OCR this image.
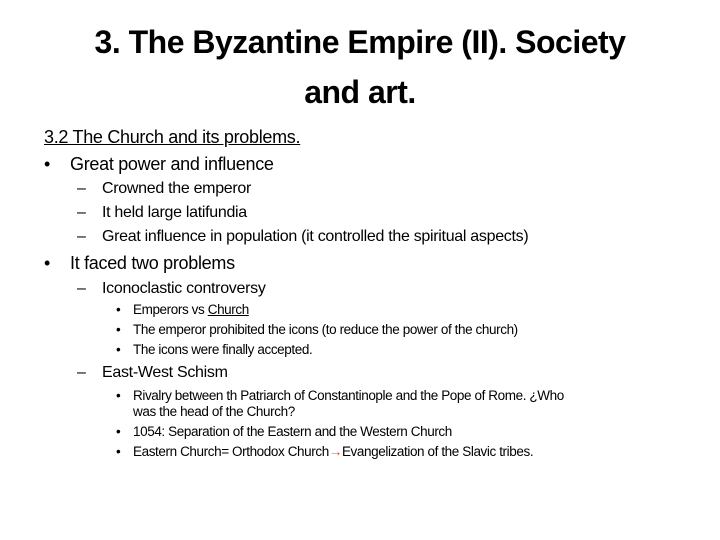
3. The Byzantine Empire (II). Society
and art.
3.2 The Church and its problems.
• Great power and influence
– Crowned the emperor
– It held large latifundia
– Great influence in population (it controlled the spiritual aspects)
• It faced two problems
– Iconoclastic controversy
• Emperors vs Church
• The emperor prohibited the icons (to reduce the power of the church)
• The icons were finally accepted.
– East-West Schism
• Rivalry between th Patriarch of Constantinople and the Pope of Rome. ¿Who
was the head of the Church?
• 1054: Separation of the Eastern and the Western Church
• Eastern Church= Orthodox Church→Evangelization of the Slavic tribes.
